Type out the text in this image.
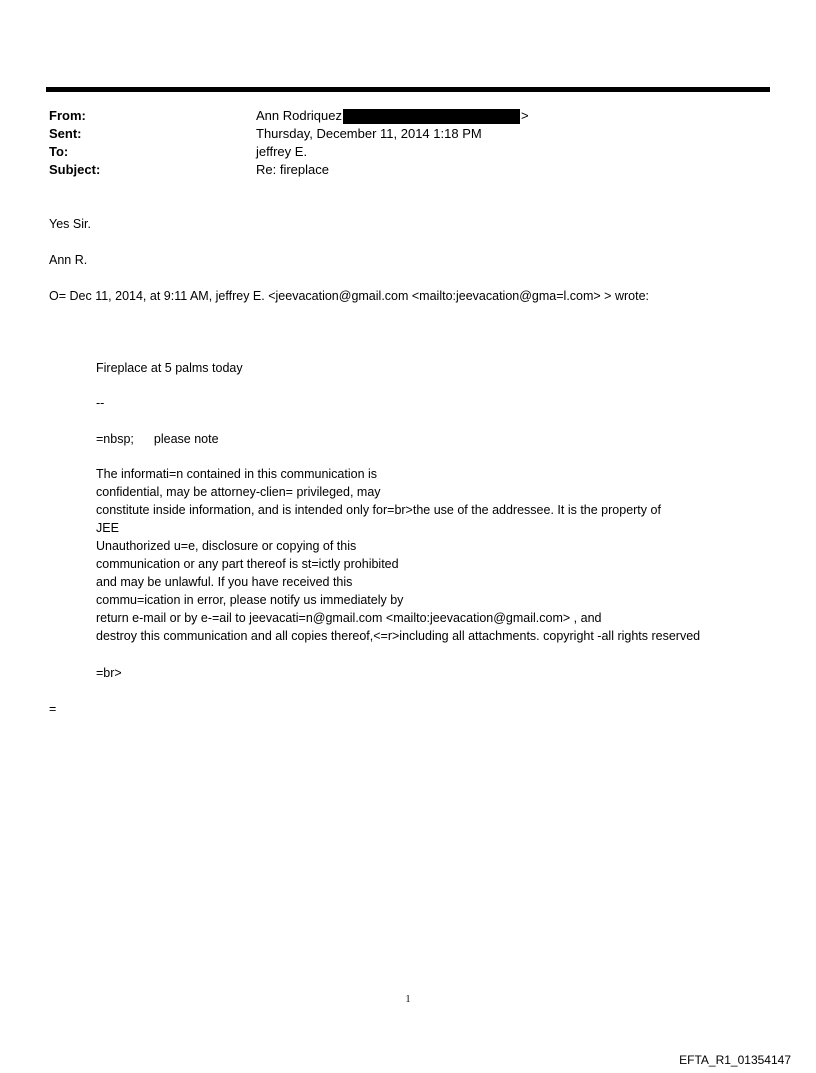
From:	Ann Rodriquez	>
Sent:	Thursday, December 11, 2014 1:18 PM
To:	jeffrey E.
Subject:	Re: fireplace
Yes Sir.
Ann R.
O= Dec 11, 2014, at 9:11 AM, jeffrey E. <jeevacation@gmail.com <mailto:jeevacation@gma=l.com> > wrote:
Fireplace at 5 palms today
--
=nbsp; please note
The informati=n contained in this communication is
confidential, may be attorney-clien= privileged, may
constitute inside information, and is intended only for=br>the use of the addressee. It is the property of
JEE
Unauthorized u=e, disclosure or copying of this
communication or any part thereof is st=ictly prohibited
and may be unlawful. If you have received this
commu=ication in error, please notify us immediately by
return e-mail or by e-=ail to jeevacati=n@gmail.com <mailto:jeevacation@gmail.com> , and
destroy this communication and all copies thereof,<=r>including all attachments. copyright -all rights reserved
=br>
=
1
EFTA_R1_01354147
